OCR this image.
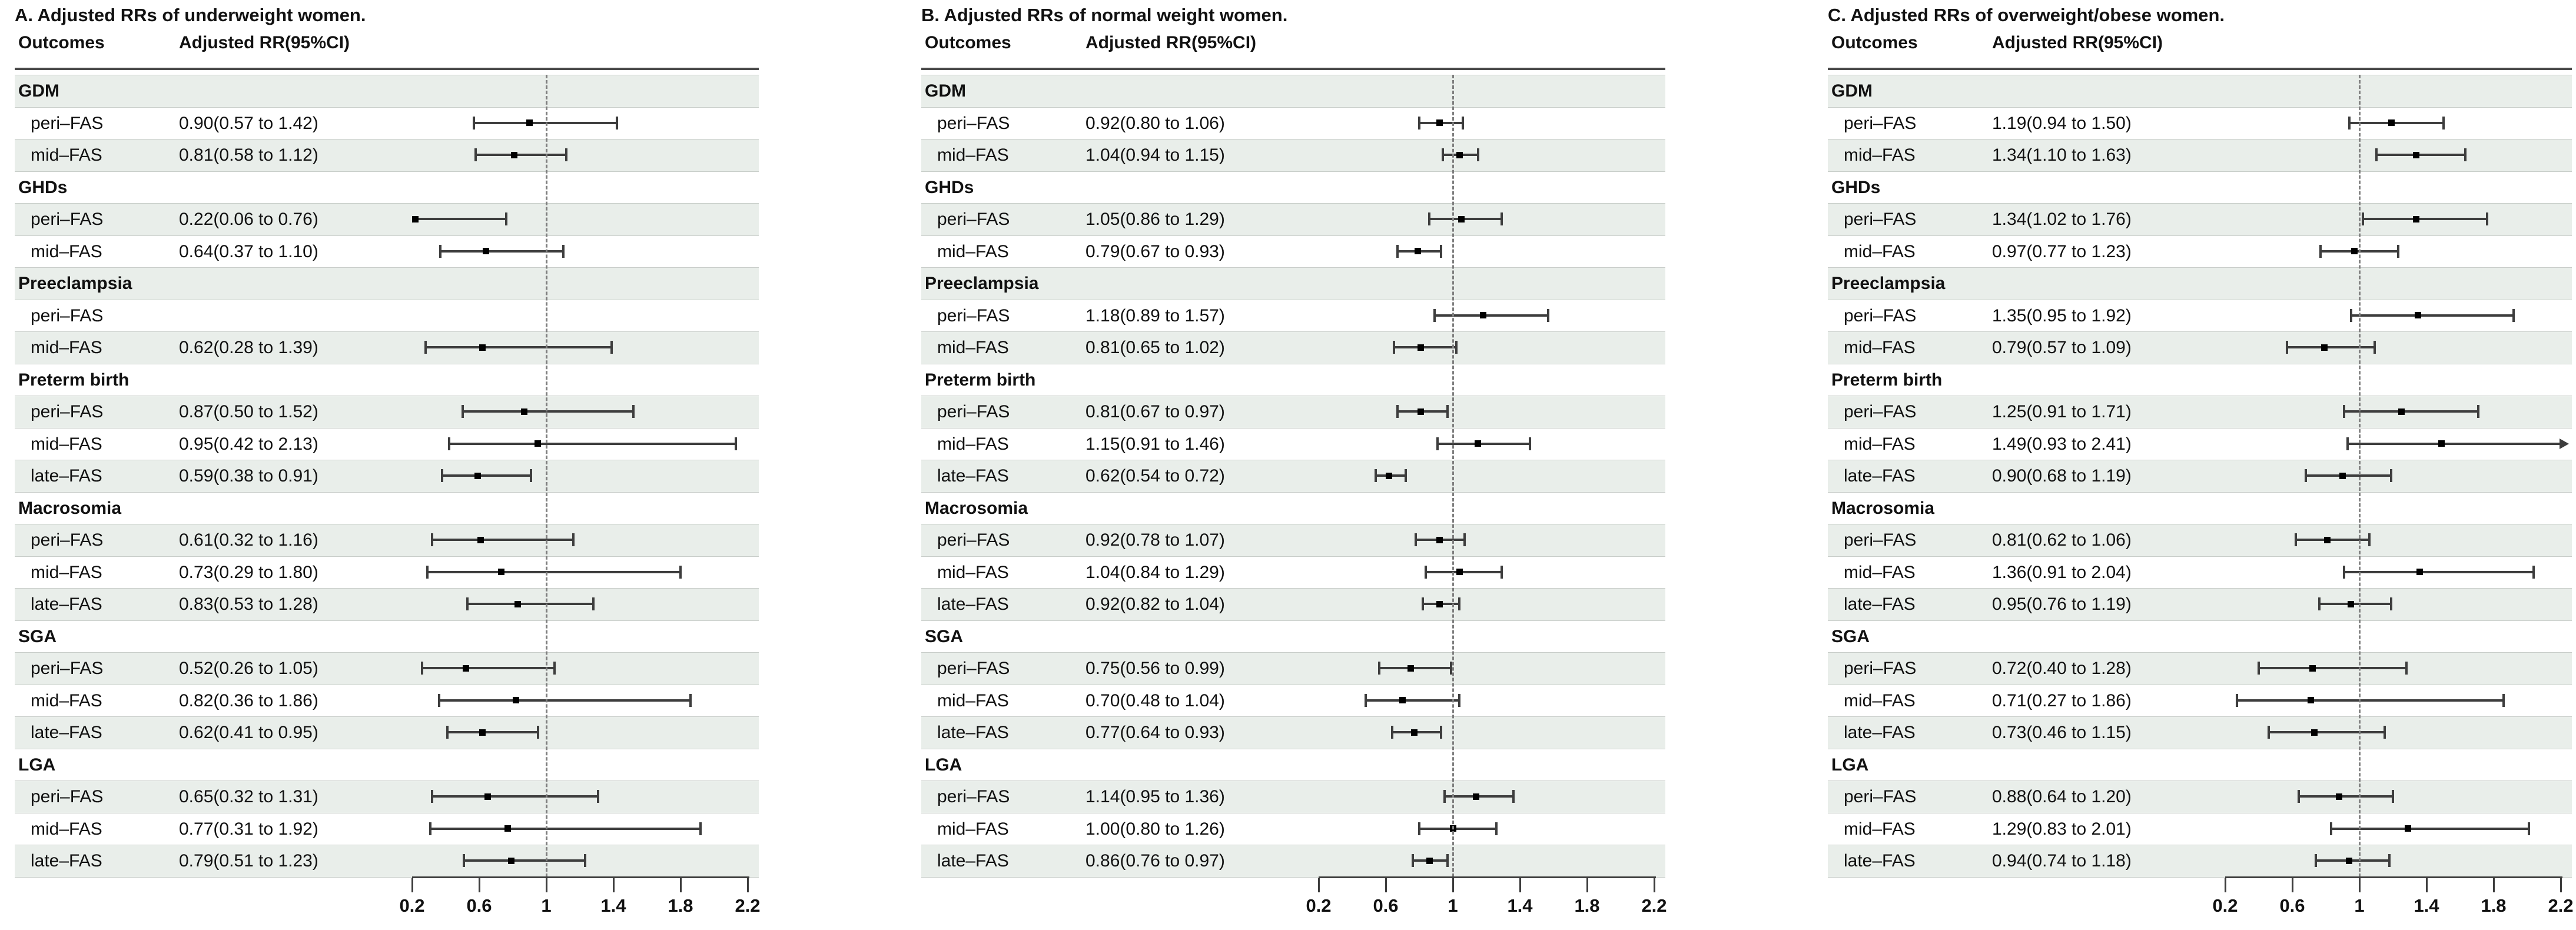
A. Adjusted RRs of underweight women.
Outcomes	Adjusted RR(95%CI)
GDM
peri–FAS	0.90(0.57 to 1.42)
mid–FAS	0.81(0.58 to 1.12)
GHDs
peri–FAS	0.22(0.06 to 0.76)
mid–FAS	0.64(0.37 to 1.10)
Preeclampsia
peri–FAS
mid–FAS	0.62(0.28 to 1.39)
Preterm birth
peri–FAS	0.87(0.50 to 1.52)
mid–FAS	0.95(0.42 to 2.13)
late–FAS	0.59(0.38 to 0.91)
Macrosomia
peri–FAS	0.61(0.32 to 1.16)
mid–FAS	0.73(0.29 to 1.80)
late–FAS	0.83(0.53 to 1.28)
SGA
peri–FAS	0.52(0.26 to 1.05)
mid–FAS	0.82(0.36 to 1.86)
late–FAS	0.62(0.41 to 0.95)
LGA
peri–FAS	0.65(0.32 to 1.31)
mid–FAS	0.77(0.31 to 1.92)
late–FAS	0.79(0.51 to 1.23)
0.2	0.6	1	1.4	1.8	2.2
B. Adjusted RRs of normal weight women.
Outcomes	Adjusted RR(95%CI)
GDM
peri–FAS	0.92(0.80 to 1.06)
mid–FAS	1.04(0.94 to 1.15)
GHDs
peri–FAS	1.05(0.86 to 1.29)
mid–FAS	0.79(0.67 to 0.93)
Preeclampsia
peri–FAS	1.18(0.89 to 1.57)
mid–FAS	0.81(0.65 to 1.02)
Preterm birth
peri–FAS	0.81(0.67 to 0.97)
mid–FAS	1.15(0.91 to 1.46)
late–FAS	0.62(0.54 to 0.72)
Macrosomia
peri–FAS	0.92(0.78 to 1.07)
mid–FAS	1.04(0.84 to 1.29)
late–FAS	0.92(0.82 to 1.04)
SGA
peri–FAS	0.75(0.56 to 0.99)
mid–FAS	0.70(0.48 to 1.04)
late–FAS	0.77(0.64 to 0.93)
LGA
peri–FAS	1.14(0.95 to 1.36)
mid–FAS	1.00(0.80 to 1.26)
late–FAS	0.86(0.76 to 0.97)
0.2	0.6	1	1.4	1.8	2.2
C. Adjusted RRs of overweight/obese women.
Outcomes	Adjusted RR(95%CI)
GDM
peri–FAS	1.19(0.94 to 1.50)
mid–FAS	1.34(1.10 to 1.63)
GHDs
peri–FAS	1.34(1.02 to 1.76)
mid–FAS	0.97(0.77 to 1.23)
Preeclampsia
peri–FAS	1.35(0.95 to 1.92)
mid–FAS	0.79(0.57 to 1.09)
Preterm birth
peri–FAS	1.25(0.91 to 1.71)
mid–FAS	1.49(0.93 to 2.41)
late–FAS	0.90(0.68 to 1.19)
Macrosomia
peri–FAS	0.81(0.62 to 1.06)
mid–FAS	1.36(0.91 to 2.04)
late–FAS	0.95(0.76 to 1.19)
SGA
peri–FAS	0.72(0.40 to 1.28)
mid–FAS	0.71(0.27 to 1.86)
late–FAS	0.73(0.46 to 1.15)
LGA
peri–FAS	0.88(0.64 to 1.20)
mid–FAS	1.29(0.83 to 2.01)
late–FAS	0.94(0.74 to 1.18)
0.2	0.6	1	1.4	1.8	2.2
